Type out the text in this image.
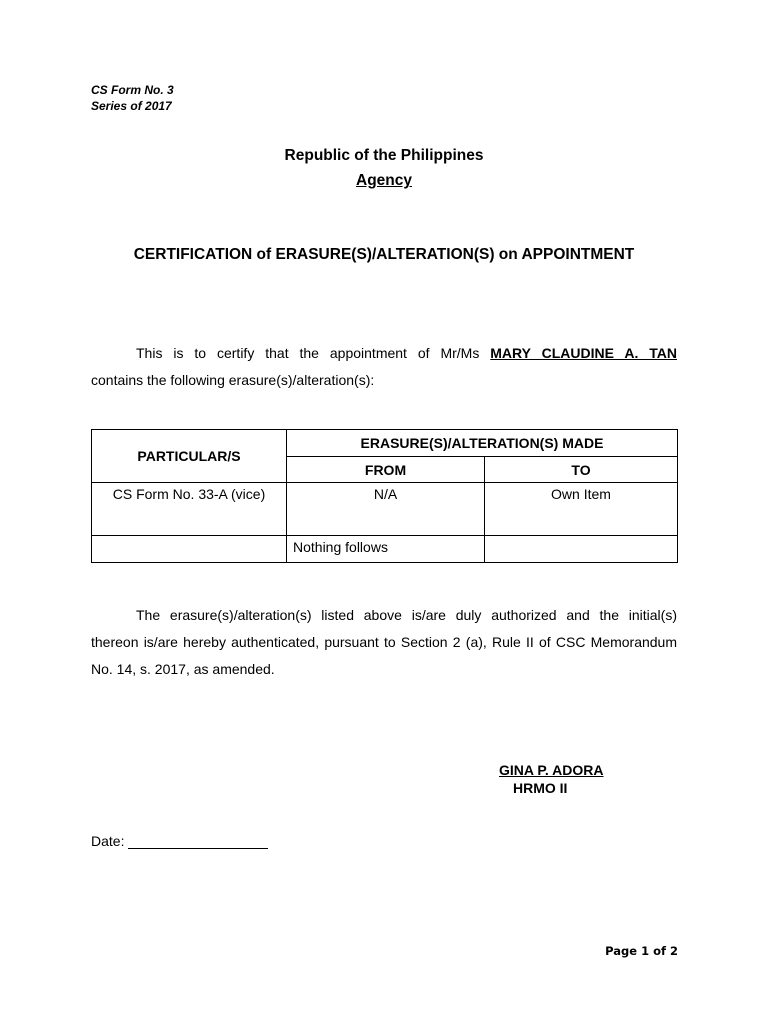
CS Form No. 3
Series of 2017
Republic of the Philippines
Agency
CERTIFICATION of ERASURE(S)/ALTERATION(S) on APPOINTMENT
This is to certify that the appointment of Mr/Ms MARY CLAUDINE A. TAN
contains the following erasure(s)/alteration(s):
PARTICULAR/S	ERASURE(S)/ALTERATION(S) MADE	
	FROM	TO
CS Form No. 33-A (vice)	N/A	Own Item
	Nothing follows	
The erasure(s)/alteration(s) listed above is/are duly authorized and the initial(s)
thereon is/are hereby authenticated, pursuant to Section 2 (a), Rule II of CSC Memorandum No. 14, s. 2017, as amended.
GINA P. ADORA
HRMO II
Date:
Page 1 of 2
